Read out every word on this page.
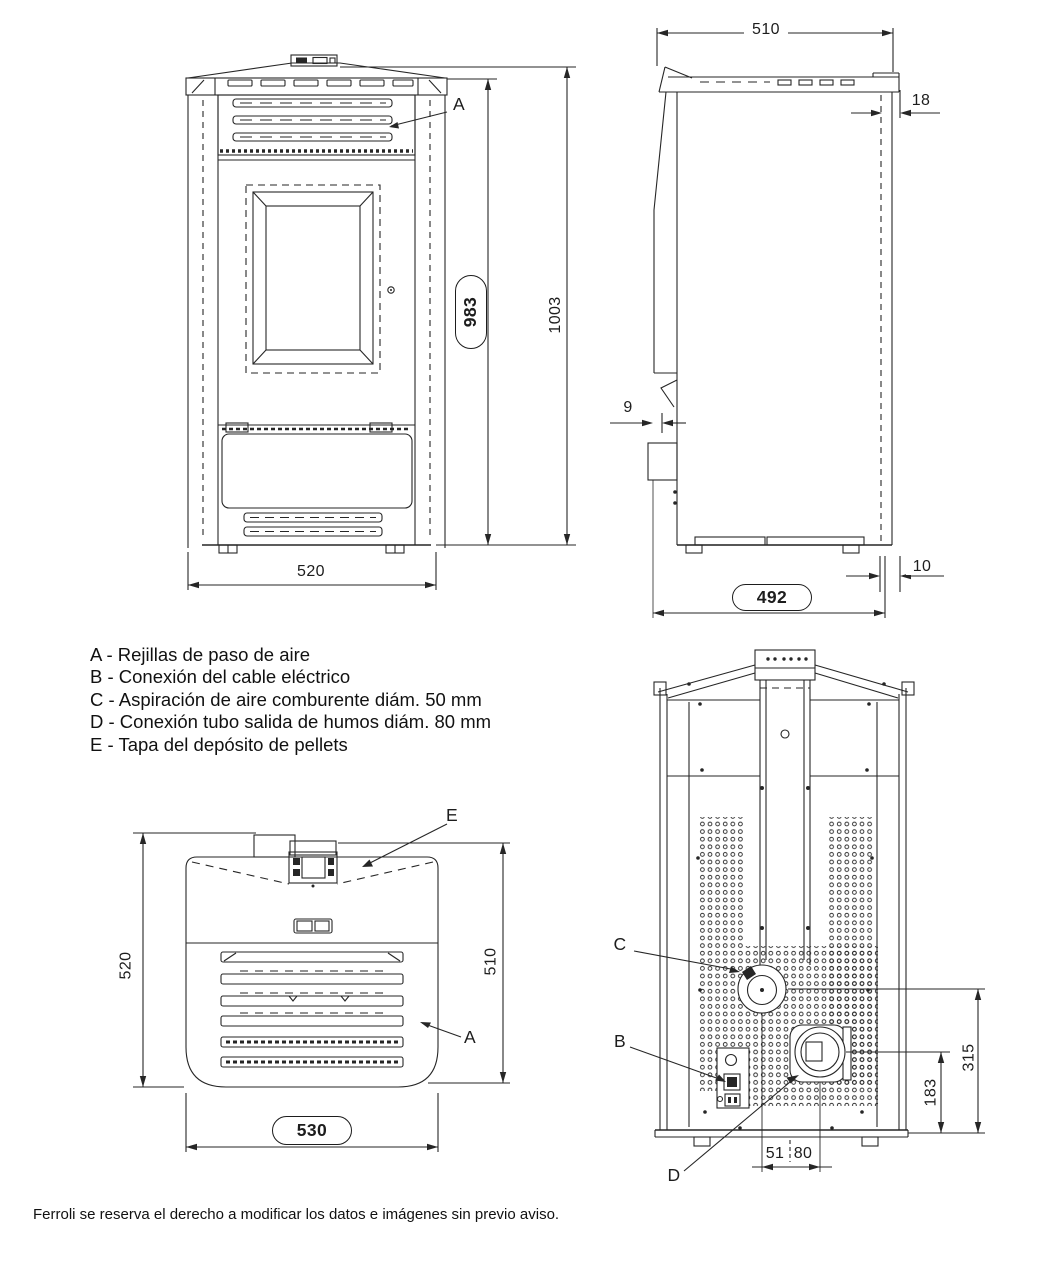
983	1003
520
A
510
18
9
10
492
520	510
530
E
A
315
183
51 80
C
B
D
A - Rejillas de paso de aire
B - Conexión del cable eléctrico
C - Aspiración de aire comburente diám. 50 mm
D - Conexión tubo salida de humos diám. 80 mm
E - Tapa del depósito de pellets
Ferroli se reserva el derecho a modificar los datos e imágenes sin previo aviso.
